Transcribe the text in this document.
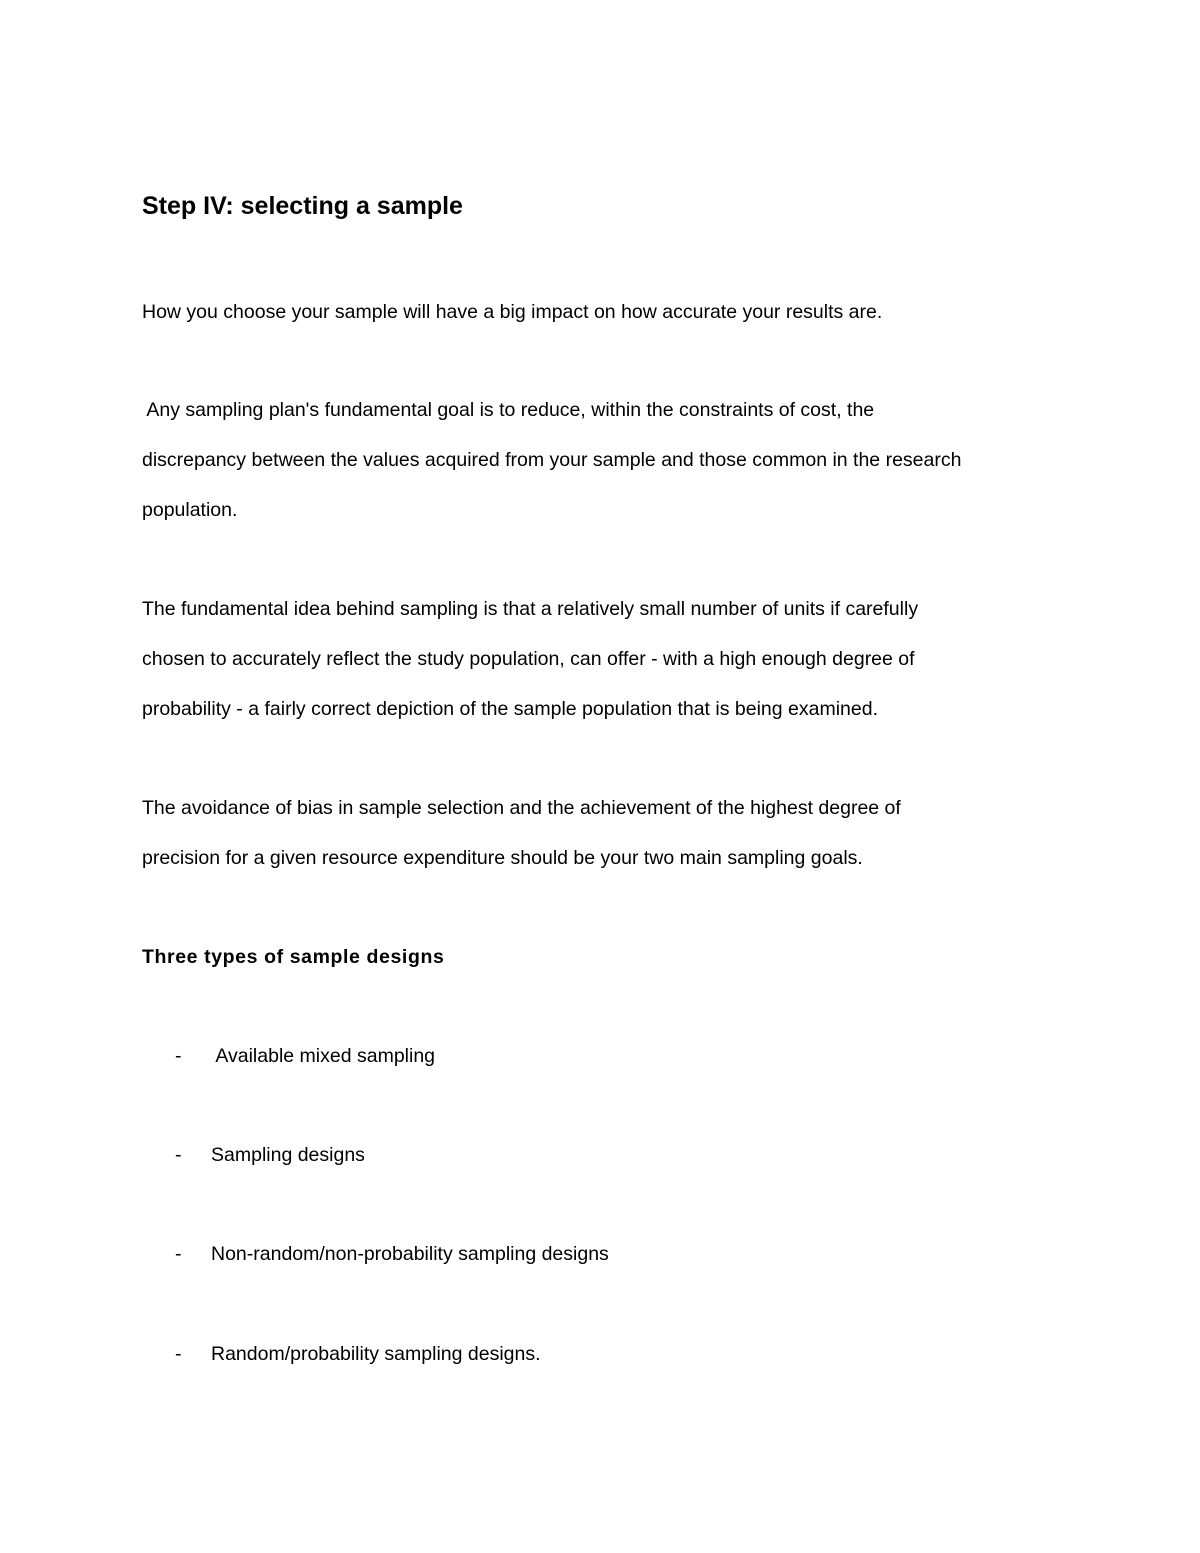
Step IV: selecting a sample

How you choose your sample will have a big impact on how accurate your results are.

Any sampling plan's fundamental goal is to reduce, within the constraints of cost, the
discrepancy between the values acquired from your sample and those common in the research
population.

The fundamental idea behind sampling is that a relatively small number of units if carefully
chosen to accurately reflect the study population, can offer - with a high enough degree of
probability - a fairly correct depiction of the sample population that is being examined.

The avoidance of bias in sample selection and the achievement of the highest degree of
precision for a given resource expenditure should be your two main sampling goals.

Three types of sample designs
- Available mixed sampling
- Sampling designs
- Non-random/non-probability sampling designs
- Random/probability sampling designs.
